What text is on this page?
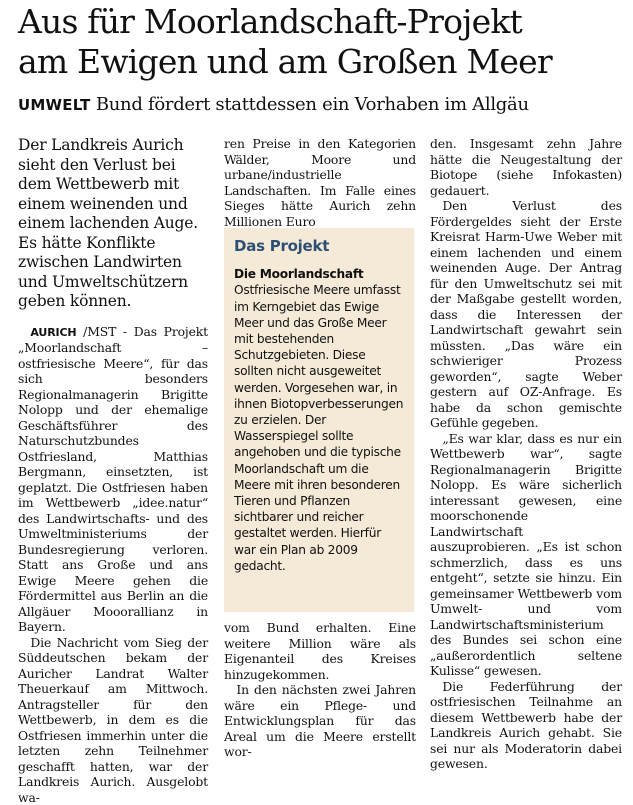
Aus für Moorlandschaft-Projekt
am Ewigen und am Großen Meer
UMWELT Bund fördert stattdessen ein Vorhaben im Allgäu

Der Landkreis Aurich sieht den Verlust bei dem Wettbewerb mit einem weinenden und einem lachenden Auge. Es hätte Konflikte zwischen Landwirten und Umweltschützern geben können.

AURICH /MST - Das Projekt „Moorlandschaft – ostfriesische Meere“, für das sich besonders Regionalmanagerin Brigitte Nolopp und der ehemalige Geschäftsführer des Naturschutzbundes Ostfriesland, Matthias Bergmann, einsetzten, ist geplatzt. Die Ostfriesen haben im Wettbewerb „idee.natur“ des Landwirtschafts- und des Umweltministeriums der Bundesregierung verloren. Statt ans Große und ans Ewige Meere gehen die Fördermittel aus Berlin an die Allgäuer Mooorallianz in Bayern.

Die Nachricht vom Sieg der Süddeutschen bekam der Auricher Landrat Walter Theuerkauf am Mittwoch. Antragsteller für den Wettbewerb, in dem es die Ostfriesen immerhin unter die letzten zehn Teilnehmer geschafft hatten, war der Landkreis Aurich. Ausgelobt wa-

ren Preise in den Kategorien Wälder, Moore und urbane/industrielle Landschaften. Im Falle eines Sieges hätte Aurich zehn Millionen Euro

Das Projekt
Die Moorlandschaft Ostfriesische Meere umfasst im Kerngebiet das Ewige Meer und das Große Meer mit bestehenden Schutzgebieten. Diese sollten nicht ausgeweitet werden. Vorgesehen war, in ihnen Biotopverbesserungen zu erzielen. Der Wasserspiegel sollte angehoben und die typische Moorlandschaft um die Meere mit ihren besonderen Tieren und Pflanzen sichtbarer und reicher gestaltet werden. Hierfür war ein Plan ab 2009 gedacht.

vom Bund erhalten. Eine weitere Million wäre als Eigenanteil des Kreises hinzugekommen.

In den nächsten zwei Jahren wäre ein Pflege- und Entwicklungsplan für das Areal um die Meere erstellt wor-

den. Insgesamt zehn Jahre hätte die Neugestaltung der Biotope (siehe Infokasten) gedauert.

Den Verlust des Fördergeldes sieht der Erste Kreisrat Harm-Uwe Weber mit einem lachenden und einem weinenden Auge. Der Antrag für den Umweltschutz sei mit der Maßgabe gestellt worden, dass die Interessen der Landwirtschaft gewahrt sein müssten. „Das wäre ein schwieriger Prozess geworden“, sagte Weber gestern auf OZ-Anfrage. Es habe da schon gemischte Gefühle gegeben.

„Es war klar, dass es nur ein Wettbewerb war“, sagte Regionalmanagerin Brigitte Nolopp. Es wäre sicherlich interessant gewesen, eine moorschonende Landwirtschaft auszuprobieren. „Es ist schon schmerzlich, dass es uns entgeht“, setzte sie hinzu. Ein gemeinsamer Wettbewerb vom Umwelt- und vom Landwirtschaftsministerium des Bundes sei schon eine „außerordentlich seltene Kulisse“ gewesen.

Die Federführung der ostfriesischen Teilnahme an diesem Wettbewerb habe der Landkreis Aurich gehabt. Sie sei nur als Moderatorin dabei gewesen.
